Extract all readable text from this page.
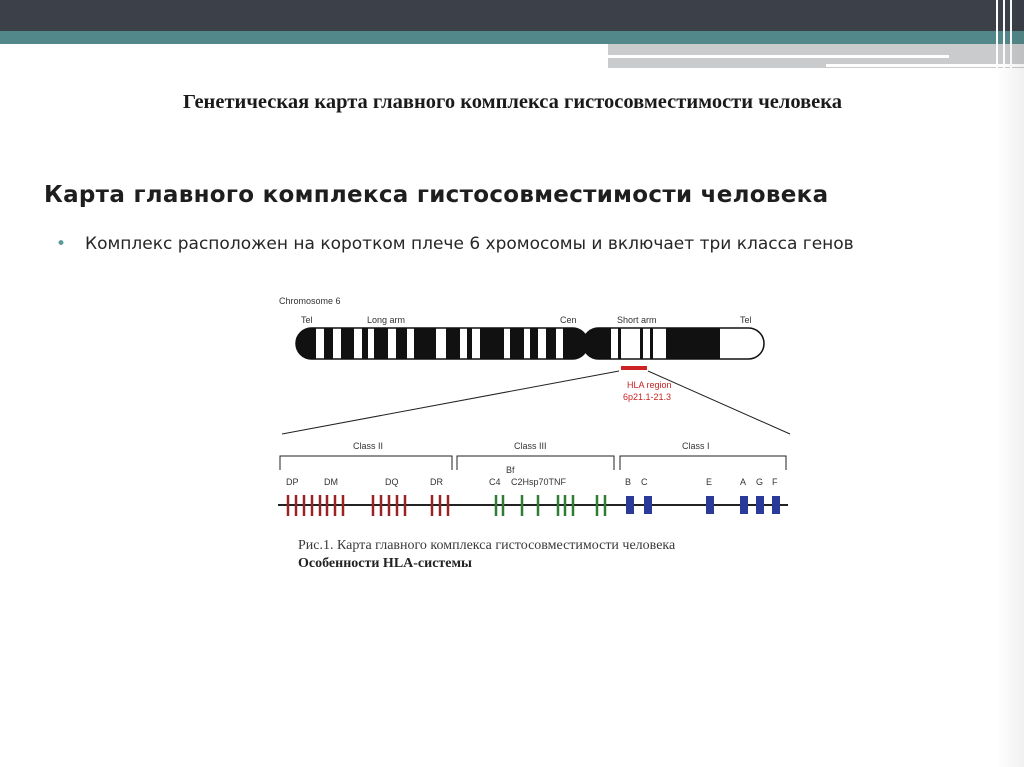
Генетическая карта главного комплекса гистосовместимости человека
Карта главного комплекса гистосовместимости человека
• Комплекс расположен на коротком плече 6 хромосомы и включает три класса генов
Chromosome 6
Tel	Long arm	Cen	Short arm	Tel
HLA region
6p21.1-21.3
Class II	Class III	Class I
DP	DM	DQ	DR
Bf
C4 C2Hsp70TNF	B C	E	A G F

Рис.1. Карта главного комплекса гистосовместимости человека

Особенности HLA-системы
